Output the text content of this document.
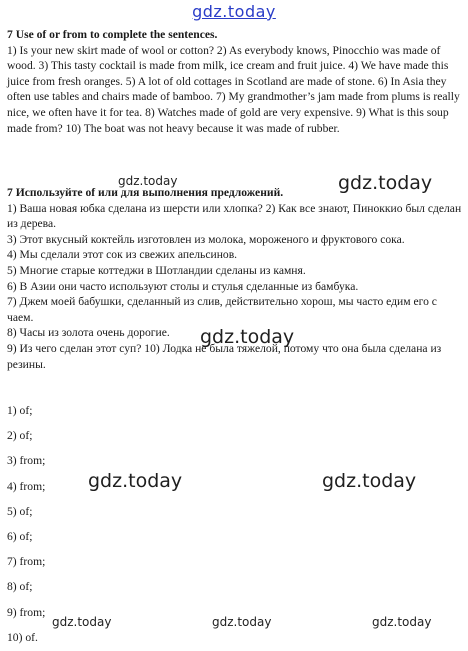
gdz.today
7 Use of or from to complete the sentences.
1) Is your new skirt made of wool or cotton? 2) As everybody knows, Pinocchio was made of wood. 3) This tasty cocktail is made from milk, ice cream and fruit juice. 4) We have made this juice from fresh oranges. 5) A lot of old cottages in Scotland are made of stone. 6) In Asia they often use tables and chairs made of bamboo. 7) My grandmother’s jam made from plums is really nice, we often have it for tea. 8) Watches made of gold are very expensive. 9) What is this soup made from? 10) The boat was not heavy because it was made of rubber.
7 Используйте of или для выполнения предложений.
1) Ваша новая юбка сделана из шерсти или хлопка? 2) Как все знают, Пиноккио был сделан из дерева.
3) Этот вкусный коктейль изготовлен из молока, мороженого и фруктового сока.
4) Мы сделали этот сок из свежих апельсинов.
5) Многие старые коттеджи в Шотландии сделаны из камня.
6) В Азии они часто используют столы и стулья сделанные из бамбука.
7) Джем моей бабушки, сделанный из слив, действительно хорош, мы часто едим его с чаем.
8) Часы из золота очень дорогие.
9) Из чего сделан этот суп? 10) Лодка не была тяжелой, потому что она была сделана из резины.
1) of;
2) of;
3) from;
4) from;
5) of;
6) of;
7) from;
8) of;
9) from;
10) of.
gdz.today	gdz.today
gdz.today
gdz.today	gdz.today
gdz.today	gdz.today	gdz.today
